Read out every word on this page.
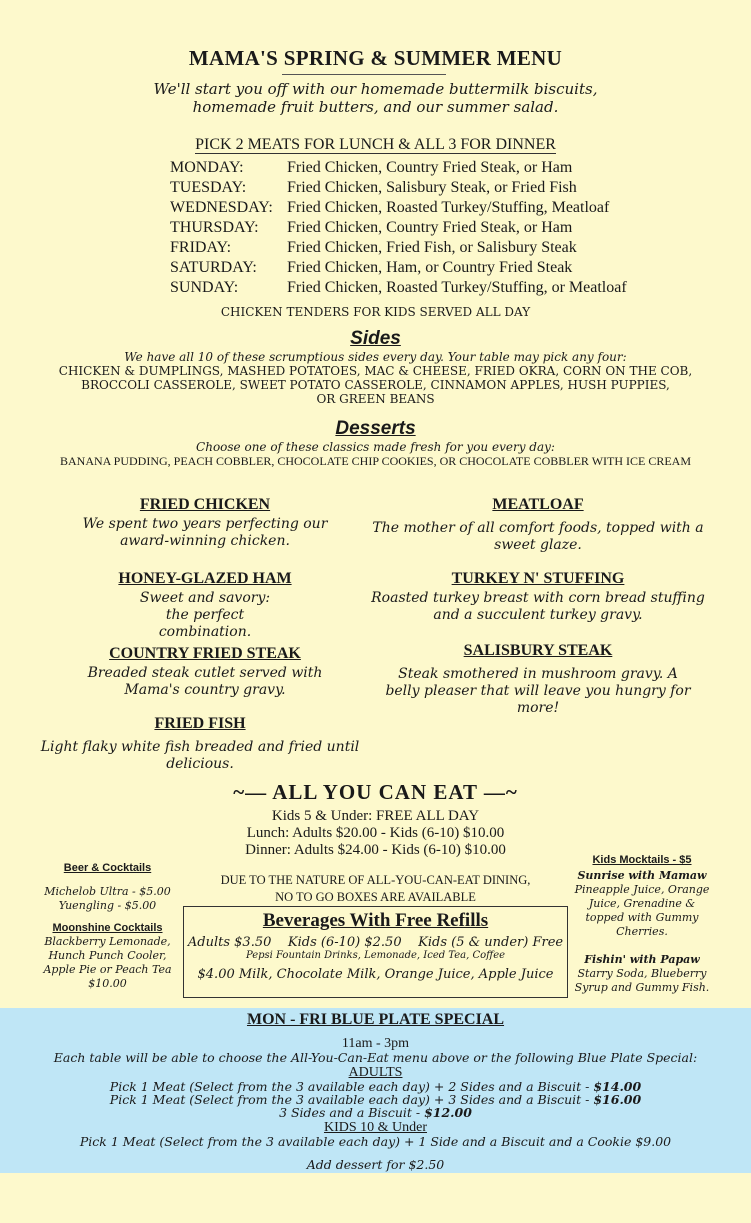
MAMA'S SPRING & SUMMER MENU
We'll start you off with our homemade buttermilk biscuits,
homemade fruit butters, and our summer salad.
PICK 2 MEATS FOR LUNCH & ALL 3 FOR DINNER
MONDAY:	Fried Chicken, Country Fried Steak, or Ham
TUESDAY:	Fried Chicken, Salisbury Steak, or Fried Fish
WEDNESDAY: Fried Chicken, Roasted Turkey/Stuffing, Meatloaf
THURSDAY:	Fried Chicken, Country Fried Steak, or Ham
FRIDAY:	Fried Chicken, Fried Fish, or Salisbury Steak
SATURDAY:	Fried Chicken, Ham, or Country Fried Steak
SUNDAY:	Fried Chicken, Roasted Turkey/Stuffing, or Meatloaf
CHICKEN TENDERS FOR KIDS SERVED ALL DAY
Sides
We have all 10 of these scrumptious sides every day. Your table may pick any four:
CHICKEN & DUMPLINGS, MASHED POTATOES, MAC & CHEESE, FRIED OKRA, CORN ON THE COB,
BROCCOLI CASSEROLE, SWEET POTATO CASSEROLE, CINNAMON APPLES, HUSH PUPPIES,
OR GREEN BEANS
Desserts
Choose one of these classics made fresh for you every day:
BANANA PUDDING, PEACH COBBLER, CHOCOLATE CHIP COOKIES, OR CHOCOLATE COBBLER WITH ICE CREAM
FRIED CHICKEN

We spent two years perfecting our award-winning chicken.

HONEY-GLAZED HAM

Sweet and savory: the perfect combination.

COUNTRY FRIED STEAK

Breaded steak cutlet served with Mama's country gravy.

FRIED FISH

Light flaky white fish breaded and fried until delicious.

MEATLOAF

The mother of all comfort foods, topped with a sweet glaze.

TURKEY N' STUFFING

Roasted turkey breast with corn bread stuffing and a succulent turkey gravy.

SALISBURY STEAK

Steak smothered in mushroom gravy. A belly pleaser that will leave you hungry for more!

~— ALL YOU CAN EAT —~
Kids 5 & Under: FREE ALL DAY
Lunch: Adults $20.00 - Kids (6-10) $10.00
Dinner: Adults $24.00 - Kids (6-10) $10.00
DUE TO THE NATURE OF ALL-YOU-CAN-EAT DINING,
NO TO GO BOXES ARE AVAILABLE
Beer & Cocktails
Michelob Ultra - $5.00
Yuengling - $5.00
Moonshine Cocktails
Blackberry Lemonade,
Hunch Punch Cooler,
Apple Pie or Peach Tea
$10.00
Beverages With Free Refills
Adults $3.50    Kids (6-10) $2.50    Kids (5 & under) Free
Pepsi Fountain Drinks, Lemonade, Iced Tea, Coffee
$4.00 Milk, Chocolate Milk, Orange Juice, Apple Juice
Kids Mocktails - $5
Sunrise with Mamaw
Pineapple Juice, Orange Juice, Grenadine & topped with Gummy Cherries.
Fishin' with Papaw
Starry Soda, Blueberry Syrup and Gummy Fish.
MON - FRI BLUE PLATE SPECIAL
11am - 3pm
Each table will be able to choose the All-You-Can-Eat menu above or the following Blue Plate Special:
ADULTS
Pick 1 Meat (Select from the 3 available each day) + 2 Sides and a Biscuit - $14.00
Pick 1 Meat (Select from the 3 available each day) + 3 Sides and a Biscuit - $16.00
3 Sides and a Biscuit - $12.00
KIDS 10 & Under
Pick 1 Meat (Select from the 3 available each day) + 1 Side and a Biscuit and a Cookie $9.00
Add dessert for $2.50
